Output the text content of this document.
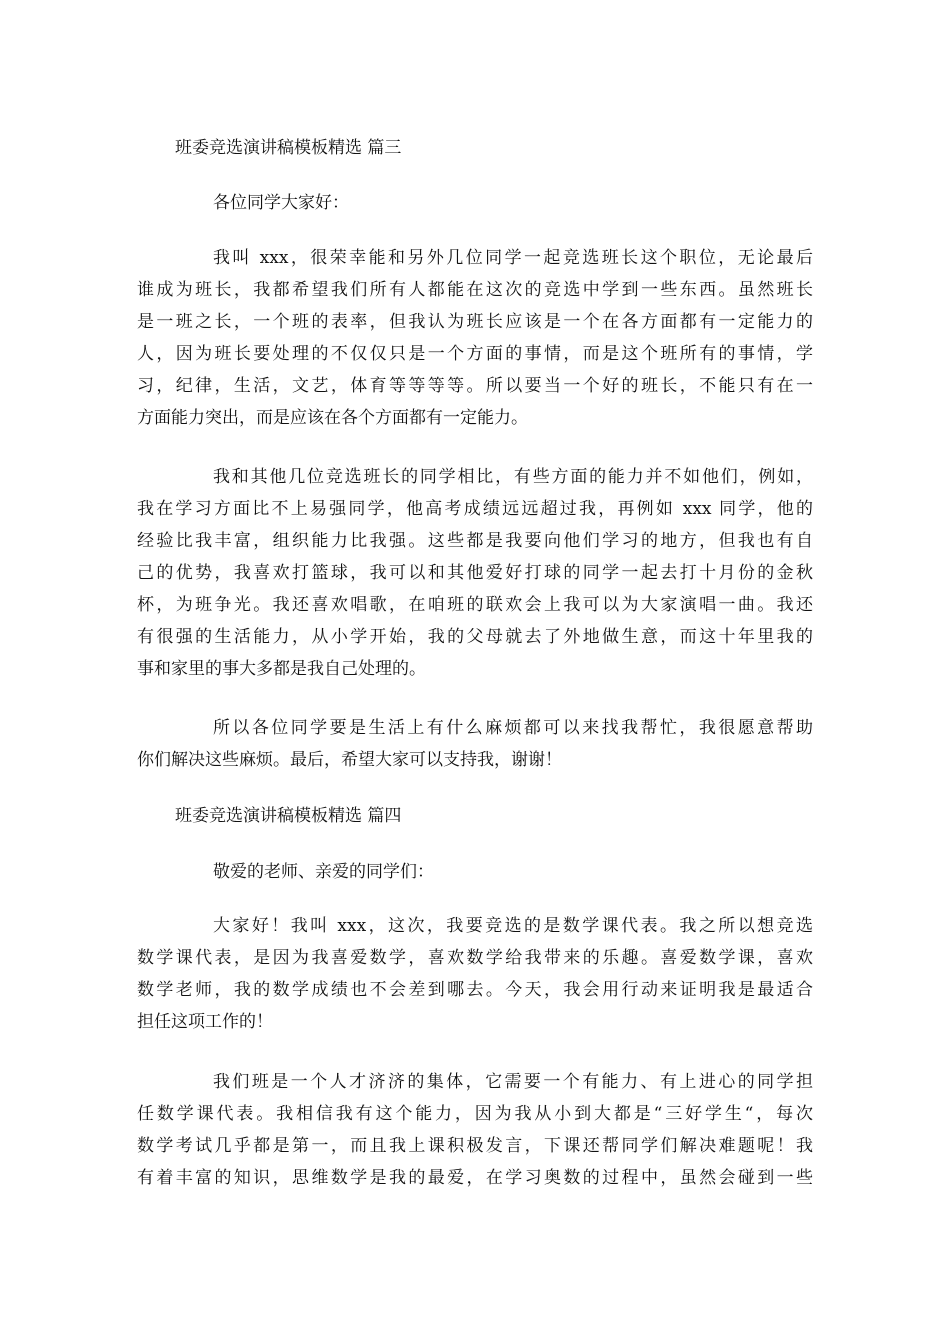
班委竞选演讲稿模板精选 篇三
各位同学大家好：
我叫 xxx，很荣幸能和另外几位同学一起竞选班长这个职位，无论最后
谁成为班长，我都希望我们所有人都能在这次的竞选中学到一些东西。虽然班长
是一班之长，一个班的表率，但我认为班长应该是一个在各方面都有一定能力的
人，因为班长要处理的不仅仅只是一个方面的事情，而是这个班所有的事情，学
习，纪律，生活，文艺，体育等等等等。所以要当一个好的班长，不能只有在一
方面能力突出，而是应该在各个方面都有一定能力。
我和其他几位竞选班长的同学相比，有些方面的能力并不如他们，例如，
我在学习方面比不上易强同学，他高考成绩远远超过我，再例如 xxx 同学，他的
经验比我丰富，组织能力比我强。这些都是我要向他们学习的地方，但我也有自
己的优势，我喜欢打篮球，我可以和其他爱好打球的同学一起去打十月份的金秋
杯，为班争光。我还喜欢唱歌，在咱班的联欢会上我可以为大家演唱一曲。我还
有很强的生活能力，从小学开始，我的父母就去了外地做生意，而这十年里我的
事和家里的事大多都是我自己处理的。
所以各位同学要是生活上有什么麻烦都可以来找我帮忙，我很愿意帮助
你们解决这些麻烦。最后，希望大家可以支持我，谢谢！
班委竞选演讲稿模板精选 篇四
敬爱的老师、亲爱的同学们：
大家好！我叫 xxx，这次，我要竞选的是数学课代表。我之所以想竞选
数学课代表，是因为我喜爱数学，喜欢数学给我带来的乐趣。喜爱数学课，喜欢
数学老师，我的数学成绩也不会差到哪去。今天，我会用行动来证明我是最适合
担任这项工作的！
我们班是一个人才济济的集体，它需要一个有能力、有上进心的同学担
任数学课代表。我相信我有这个能力，因为我从小到大都是“三好学生“，每次
数学考试几乎都是第一，而且我上课积极发言，下课还帮同学们解决难题呢！我
有着丰富的知识，思维数学是我的最爱，在学习奥数的过程中，虽然会碰到一些
